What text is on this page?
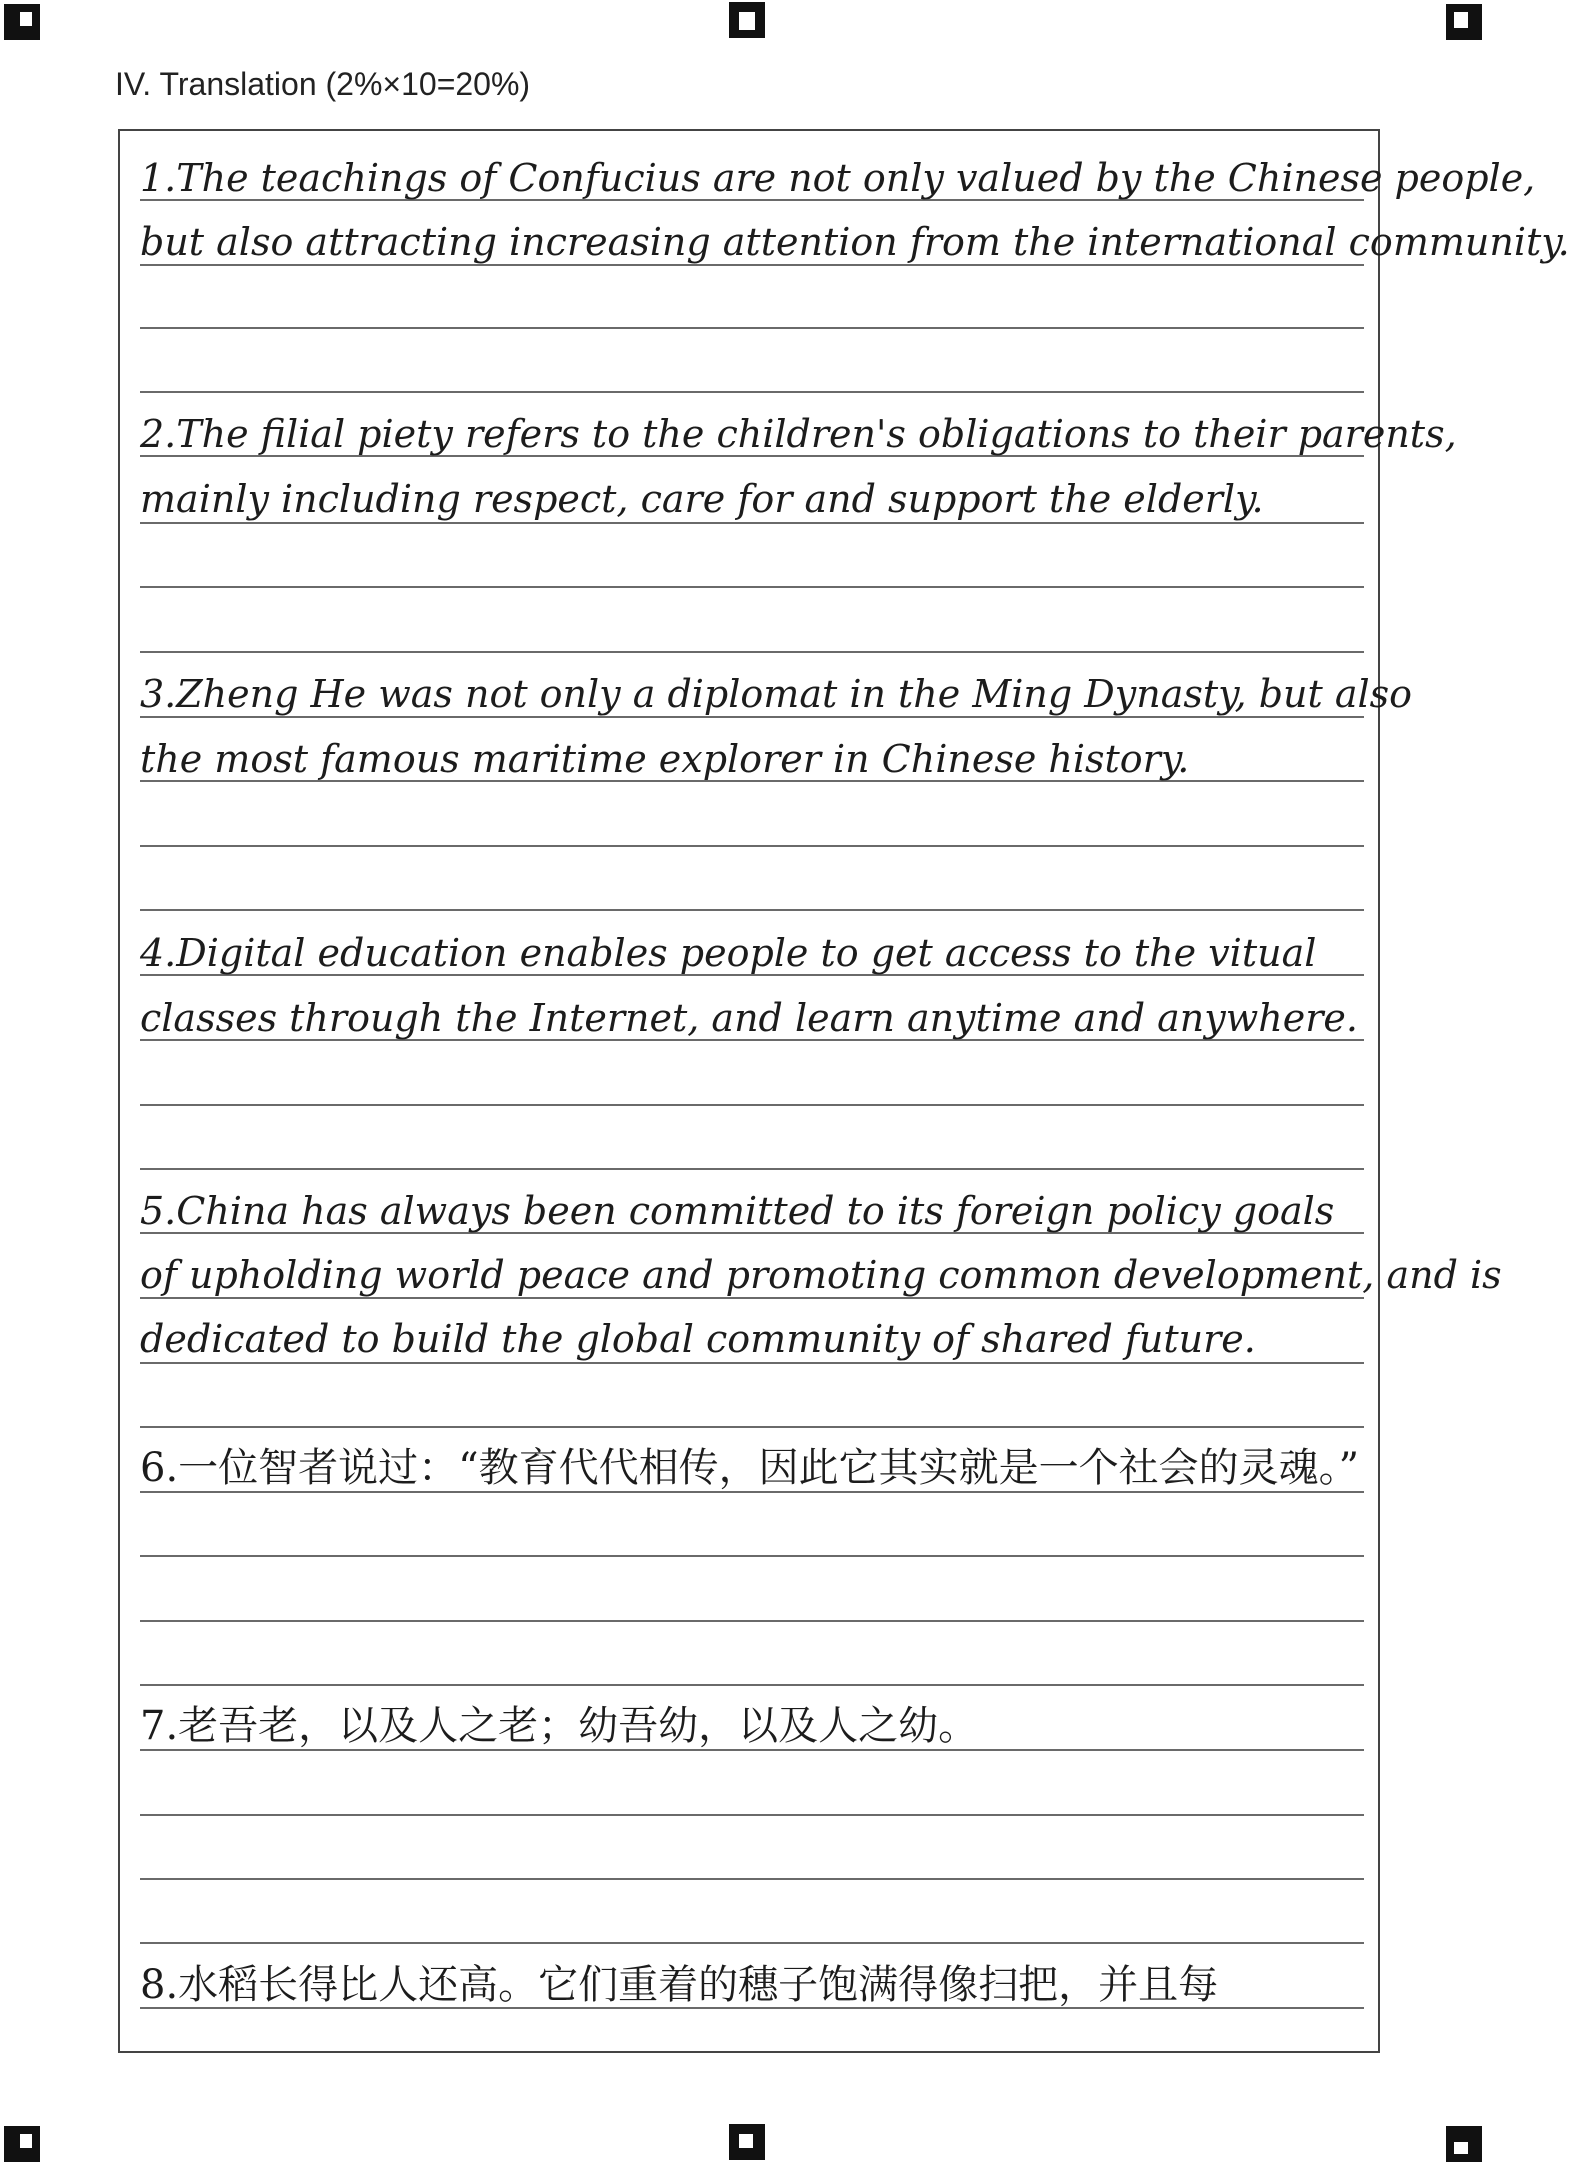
IV. Translation (2%×10=20%)
1.The teachings of Confucius are not only valued by the Chinese people,
but also attracting increasing attention from the international community.
2.The filial piety refers to the children's obligations to their parents,
mainly including respect, care for and support the elderly.
3.Zheng He was not only a diplomat in the Ming Dynasty, but also
the most famous maritime explorer in Chinese history.
4.Digital education enables people to get access to the vitual
classes through the Internet, and learn anytime and anywhere.
5.China has always been committed to its foreign policy goals
of upholding world peace and promoting common development, and is
dedicated to build the global community of shared future.
6.一位智者说过：“教育代代相传，因此它其实就是一个社会的灵魂。”
7.老吾老，以及人之老；幼吾幼，以及人之幼。
8.水稻长得比人还高。它们重着的穗子饱满得像扫把，并且每
